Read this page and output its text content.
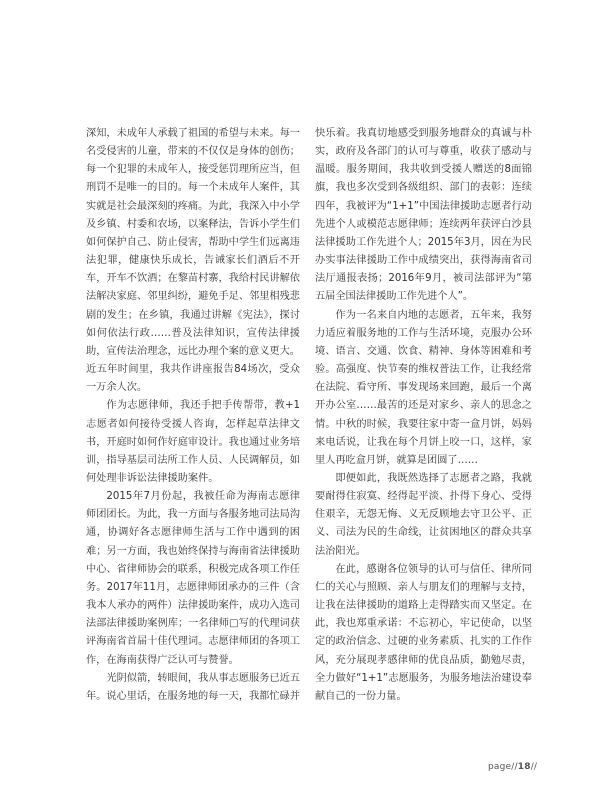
深知，未成年人承载了祖国的希望与未来。每一名受侵害的儿童，带来的不仅仅是身体的创伤；每一个犯罪的未成年人，接受惩罚理所应当，但刑罚不是唯一的目的。每一个未成年人案件，其实就是社会最深刻的疼痛。为此，我深入中小学及乡镇、村委和农场，以案释法，告诉小学生们如何保护自己、防止侵害，帮助中学生们远离违法犯罪，健康快乐成长，告诫家长们酒后不开车，开车不饮酒；在黎苗村寨，我给村民讲解依法解决家庭、邻里纠纷，避免手足、邻里相残悲剧的发生；在乡镇，我通过讲解《宪法》，探讨如何依法行政……普及法律知识，宣传法律援助，宣传法治理念，远比办理个案的意义更大。近五年时间里，我共作讲座报告84场次，受众一万余人次。

作为志愿律师，我还手把手传帮带，教+1志愿者如何接待受援人咨询，怎样起草法律文书，开庭时如何作好庭审设计。我也通过业务培训，指导基层司法所工作人员、人民调解员，如何处理非诉讼法律援助案件。

2015年7月份起，我被任命为海南志愿律师团团长。为此，我一方面与各服务地司法局沟通，协调好各志愿律师生活与工作中遇到的困难；另一方面，我也始终保持与海南省法律援助中心、省律师协会的联系，积极完成各项工作任务。2017年11月，志愿律师团承办的三件（含我本人承办的两件）法律援助案件，成功入选司法部法律援助案例库；一名律师□写的代理词获评海南省首届十佳代理词。志愿律师团的各项工作，在海南获得广泛认可与赞誉。

光阴似箭，转眼间，我从事志愿服务已近五年。说心里话，在服务地的每一天，我都忙碌并

快乐着。我真切地感受到服务地群众的真诚与朴实，政府及各部门的认可与尊重，收获了感动与温暖。服务期间，我共收到受援人赠送的8面锦旗，我也多次受到各级组织、部门的表彰：连续四年，我被评为“1+1”中国法律援助志愿者行动先进个人或模范志愿律师；连续两年获评白沙县法律援助工作先进个人；2015年3月，因在为民办实事法律援助工作中成绩突出，获得海南省司法厅通报表扬；2016年9月，被司法部评为“第五届全国法律援助工作先进个人”。

作为一名来自内地的志愿者，五年来，我努力适应着服务地的工作与生活环境，克服办公环境、语言、交通、饮食、精神、身体等困难和考验。高强度、快节奏的维权普法工作，让我经常在法院、看守所、事发现场来回跑，最后一个离开办公室……最苦的还是对家乡、亲人的思念之情。中秋的时候，我要往家中寄一盒月饼，妈妈来电话说，让我在每个月饼上咬一口，这样，家里人再吃盒月饼，就算是团圆了……

即便如此，我既然选择了志愿者之路，我就要耐得住寂寞、经得起平淡、扑得下身心、受得住艰辛，无怨无悔、义无反顾地去守卫公平、正义、司法为民的生命线，让贫困地区的群众共享法治阳光。

在此，感谢各位领导的认可与信任、律所同仁的关心与照顾、亲人与朋友们的理解与支持，让我在法律援助的道路上走得踏实而又坚定。在此，我也郑重承诺：不忘初心，牢记使命，以坚定的政治信念、过硬的业务素质、扎实的工作作风，充分展现孝感律师的优良品质，勤勉尽责，全力做好“1+1”志愿服务，为服务地法治建设奉献自己的一份力量。

page//18//
